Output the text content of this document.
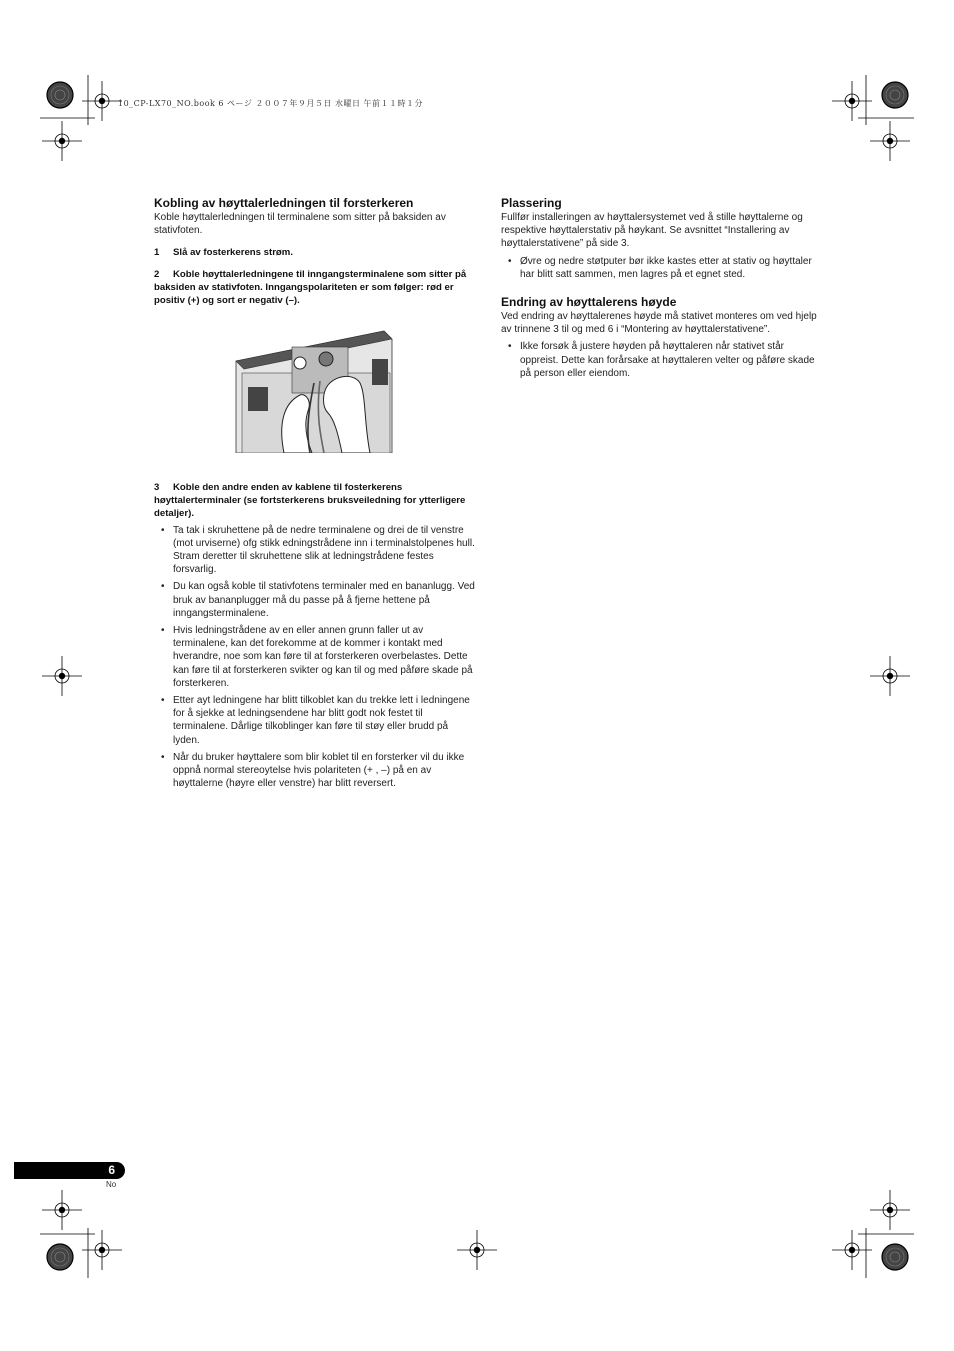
10_CP-LX70_NO.book 6 ページ ２００７年９月５日 水曜日 午前１１時１分
Kobling av høyttalerledningen til forsterkeren

Koble høyttalerledningen til terminalene som sitter på baksiden av stativfoten.

1 Slå av fosterkerens strøm.
2 Koble høyttalerledningene til inngangsterminalene som sitter på baksiden av stativfoten. Inngangspolariteten er som følger: rød er positiv (+) og sort er negativ (–).
3 Koble den andre enden av kablene til fosterkerens høyttalerterminaler (se fortsterkerens bruksveiledning for ytterligere detaljer).
• Ta tak i skruhettene på de nedre terminalene og drei de til venstre (mot urviserne) ofg stikk edningstrådene inn i terminalstolpenes hull. Stram deretter til skruhettene slik at ledningstrådene festes forsvarlig.
• Du kan også koble til stativfotens terminaler med en bananlugg. Ved bruk av bananplugger må du passe på å fjerne hettene på inngangsterminalene.
• Hvis ledningstrådene av en eller annen grunn faller ut av terminalene, kan det forekomme at de kommer i kontakt med hverandre, noe som kan føre til at forsterkeren overbelastes. Dette kan føre til at forsterkeren svikter og kan til og med påføre skade på forsterkeren.
• Etter ayt ledningene har blitt tilkoblet kan du trekke lett i ledningene for å sjekke at ledningsendene har blitt godt nok festet til terminalene. Dårlige tilkoblinger kan føre til støy eller brudd på lyden.
• Når du bruker høyttalere som blir koblet til en forsterker vil du ikke oppnå normal stereoytelse hvis polariteten (+ , –) på en av høyttalerne (høyre eller venstre) har blitt reversert.
Plassering

Fullfør installeringen av høyttalersystemet ved å stille høyttalerne og respektive høyttalerstativ på høykant. Se avsnittet “Installering av høyttalerstativene” på side 3.

• Øvre og nedre støtputer bør ikke kastes etter at stativ og høyttaler har blitt satt sammen, men lagres på et egnet sted.
Endring av høyttalerens høyde

Ved endring av høyttalerenes høyde må stativet monteres om ved hjelp av trinnene 3 til og med 6 i “Montering av høyttalerstativene”.

• Ikke forsøk å justere høyden på høyttaleren når stativet står oppreist. Dette kan forårsake at høyttaleren velter og påføre skade på person eller eiendom.
6
No
